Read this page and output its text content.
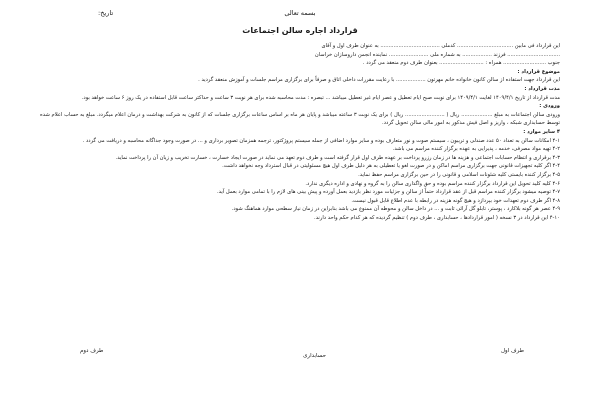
بسمه تعالی
تاریخ:
قرارداد اجاره سالن اجتماعات

این قرارداد فی مابین .................................. کدملی .................................... به عنوان طرف اول و آقای

................................ فرزند .................. به شماره ملی ........................ نماینده انجمن داروسازان خراسان

جنوب .......................... همراه : ........................... بعنوان طرف دوم منعقد می گردد .

موضوع قرارداد :

این قرارداد جهت استفاده از سالن کانون خانواده خانم مهرتون .................. با رعایت مقررات داخلی اتاق و صرفاً برای برگزاری مراسم جلسات و آموزش منعقد گردید .

مدت قرارداد :

مدت قرارداد از تاریخ ۱۴۰۹/۴/۱ لغایت ۱۴۰۹/۴/۱ برای نوبت صبح ایام تعطیل و عصر ایام غیر تعطیل میباشد ... تبصره : مدت محاسبه شده برای هر نوبت ۳ ساعت و حداکثر ساعت قابل استفاده در یک روز ۶ ساعت خواهد بود.

ورودی :

ورودی سالن اجتماعات به مبلغ ................... ریال ( ........................ ریال ) برای یک نوبت ۳ ساعته میباشد و پایان هر ماه بر اساس ساعات برگزاری جلسات که از کانون به شرکت بهداشت و درمان اعلام میگردد. مبلغ به حساب اعلام شده توسط حسابداری شبکه ، واریز و اصل فیش مذکور به امور مالی سالن تحویل گردد.

۴ سایر موارد :

۴-۱ امکانات سالن به تعداد ۵۰ عدد صندلی و تریبون ، سیستم صوت و نور متعارف بوده و سایر موارد اضافی از جمله سیستم پروژکتور، ترجمه همزمان تصویر برداری و ... در صورت وجود جداگانه محاسبه و دریافت می گردد .

۴-۲ تهیه مواد مصرفی، خدمه ، پذیرایی به عهده برگزار کننده مراسم می باشد.

۴-۳ برقراری و انتظام حسابات اجتماعی و هزینه ها در زمان رزرو پرداخت بر عهده طرف اول قرار گرفته است و طرف دوم تعهد می نماید در صورت ایجاد خسارت ، خسارت تخریب و زیان آن را پرداخت نماید.

۴-۴ اگر کلیه تجهیزات قانونی جهت برگزاری مراسم اماکن و در صورت لغو یا تعطیلی به هر دلیل طرف اول هیچ مسئولیتی در قبال استرداد وجه نخواهد داشت.

۴-۵ برگزار کننده بایستی کلیه شئونات اسلامی و قانونی را در حین برگزاری مراسم حفظ نماید.

۴-۶ کلیه کلید تحویل این قرارداد برگزار کننده مراسم بوده و حق واگذاری سالن را به گروه و نهادی و اداره دیگری ندارد.

۴-۷ توصیه میشود برگزار کننده مراسم قبل از عقد قرارداد حتماً از سالن و جزئیات مورد نظر بازدید بعمل آورده و پیش بینی های لازم را با تمامی موارد بعمل آید.

۴-۸ اگر طرف دوم تعهدات خود بپردازد و هیچ گونه هزینه در رابطه با عدم اطلاع قابل قبول نیست.

۴-۹ عصر هر گونه بلاکارد ، پوستر، تابلو گل آرائی ثابت و ... در داخل سالن و محوطه آن ممنوع می باشد بنابراین در زمان نیاز سطحی موارد هماهنگ شود.

۴-۱۰ این قرارداد در ۳ نسخه ( امور قراردادها ، حسابداری ، طرف دوم ) تنظیم گردیده که هر کدام حکم واحد دارند.

طرف اول
حسابداری
طرف دوم
